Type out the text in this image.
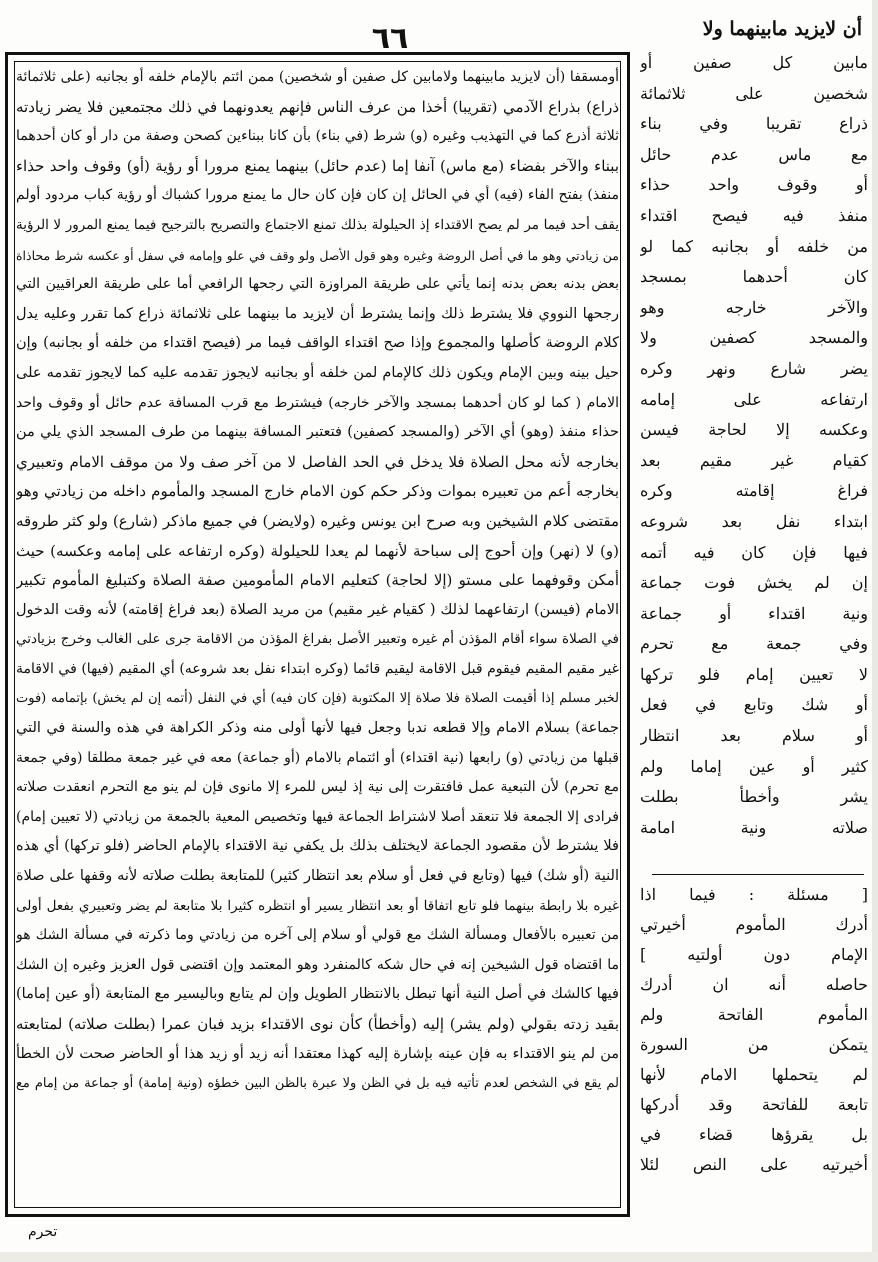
٦٦	أن لايزيد مابينهما ولا
أومسقفا (أن لايزيد مابينهما ولامابين كل صفين أو شخصين) ممن ائتم بالإمام خلفه أو بجانبه (على ثلاثمائة
ذراع) بذراع الآدمي (تقريبا) أخذا من عرف الناس فإنهم يعدونهما في ذلك مجتمعين فلا يضر زيادته
ثلاثة أذرع كما في التهذيب وغيره (و) شرط (في بناء) بأن كانا ببناءين كصحن وصفة من دار أو كان أحدهما
ببناء والآخر بفضاء (مع ماس) آنفا إما (عدم حائل) بينهما يمنع مرورا أو رؤية (أو) وقوف واحد حذاء
منفذ) بفتح الفاء (فيه) أي في الحائل إن كان فإن كان حال ما يمنع مرورا كشباك أو رؤية كباب مردود أولم
يقف أحد فيما مر لم يصح الاقتداء إذ الحيلولة بذلك تمنع الاجتماع والتصريح بالترجيح فيما يمنع المرور لا الرؤية
من زيادتي وهو ما في أصل الروضة وغيره وهو قول الأصل ولو وقف في علو وإمامه في سفل أو عكسه شرط محاذاة
بعض بدنه بعض بدنه إنما يأتي على طريقة المراوزة التي رجحها الرافعي أما على طريقة العراقيين التي
رجحها النووي فلا يشترط ذلك وإنما يشترط أن لايزيد ما بينهما على ثلاثمائة ذراع كما تقرر وعليه يدل
كلام الروضة كأصلها والمجموع وإذا صح اقتداء الواقف فيما مر (فيصح اقتداء من خلفه أو بجانبه) وإن
حيل بينه وبين الإمام ويكون ذلك كالإمام لمن خلفه أو بجانبه لايجوز تقدمه عليه كما لايجوز تقدمه على
الامام ( كما لو كان أحدهما بمسجد والآخر خارجه) فيشترط مع قرب المسافة عدم حائل أو وقوف واحد
حذاء منفذ (وهو) أي الآخر (والمسجد كصفين) فتعتبر المسافة بينهما من طرف المسجد الذي يلي من
بخارجه لأنه محل الصلاة فلا يدخل في الحد الفاصل لا من آخر صف ولا من موقف الامام وتعبيري
بخارجه أعم من تعبيره بموات وذكر حكم كون الامام خارج المسجد والمأموم داخله من زيادتي وهو
مقتضى كلام الشيخين وبه صرح ابن يونس وغيره (ولايضر) في جميع ماذكر (شارع) ولو كثر طروقه
(و) لا (نهر) وإن أحوج إلى سباحة لأنهما لم يعدا للحيلولة (وكره ارتفاعه على إمامه وعكسه) حيث
أمكن وقوفهما على مستو (إلا لحاجة) كتعليم الامام المأمومين صفة الصلاة وكتبليغ المأموم تكبير
الامام (فيسن) ارتفاعهما لذلك ( كقيام غير مقيم) من مريد الصلاة (بعد فراغ إقامته) لأنه وقت الدخول
في الصلاة سواء أقام المؤذن أم غيره وتعبير الأصل بفراغ المؤذن من الاقامة جرى على الغالب وخرج بزيادتي
غير مقيم المقيم فيقوم قبل الاقامة ليقيم قائما (وكره ابتداء نفل بعد شروعه) أي المقيم (فيها) في الاقامة
لخبر مسلم إذا أقيمت الصلاة فلا صلاة إلا المكتوبة (فإن كان فيه) أي في النفل (أتمه إن لم يخش) بإتمامه (فوت
جماعة) بسلام الامام وإلا قطعه ندبا وجعل فيها لأنها أولى منه وذكر الكراهة في هذه والسنة في التي
قبلها من زيادتي (و) رابعها (نية اقتداء) أو ائتمام بالامام (أو جماعة) معه في غير جمعة مطلقا (وفي جمعة
مع تحرم) لأن التبعية عمل فافتقرت إلى نية إذ ليس للمرء إلا مانوى فإن لم ينو مع التحرم انعقدت صلاته
فرادى إلا الجمعة فلا تنعقد أصلا لاشتراط الجماعة فيها وتخصيص المعية بالجمعة من زيادتي (لا تعيين إمام)
فلا يشترط لأن مقصود الجماعة لايختلف بذلك بل يكفي نية الاقتداء بالإمام الحاضر (فلو تركها) أي هذه
النية (أو شك) فيها (وتابع في فعل أو سلام بعد انتظار كثير) للمتابعة بطلت صلاته لأنه وقفها على صلاة
غيره بلا رابطة بينهما فلو تابع اتفاقا أو بعد انتظار يسير أو انتظره كثيرا بلا متابعة لم يضر وتعبيري بفعل أولى
من تعبيره بالأفعال ومسألة الشك مع قولي أو سلام إلى آخره من زيادتي وما ذكرته في مسألة الشك هو
ما اقتضاه قول الشيخين إنه في حال شكه كالمنفرد وهو المعتمد وإن اقتضى قول العزيز وغيره إن الشك
فيها كالشك في أصل النية أنها تبطل بالانتظار الطويل وإن لم يتابع وباليسير مع المتابعة (أو عين إماما)
بقيد زدته بقولي (ولم يشر) إليه (وأخطأ) كأن نوى الاقتداء بزيد فبان عمرا (بطلت صلاته) لمتابعته
من لم ينو الاقتداء به فإن عينه بإشارة إليه كهذا معتقدا أنه زيد أو زيد هذا أو الحاضر صحت لأن الخطأ
لم يقع في الشخص لعدم تأتيه فيه بل في الظن ولا عبرة بالظن البين خطؤه (ونية إمامة) أو جماعة من إمام مع
تحرم
مابين كل صفين أو
شخصين على ثلاثمائة
ذراع تقريبا وفي بناء
مع ماس عدم حائل
أو وقوف واحد حذاء
منفذ فيه فيصح اقتداء
من خلفه أو بجانبه كما لو
كان أحدهما بمسجد
والآخر خارجه وهو
والمسجد كصفين ولا
يضر شارع ونهر وكره
ارتفاعه على إمامه
وعكسه إلا لحاجة فيسن
كقيام غير مقيم بعد
فراغ إقامته وكره
ابتداء نفل بعد شروعه
فيها فإن كان فيه أتمه
إن لم يخش فوت جماعة
ونية اقتداء أو جماعة
وفي جمعة مع تحرم
لا تعيين إمام فلو تركها
أو شك وتابع في فعل
أو سلام بعد انتظار
كثير أو عين إماما ولم
يشر وأخطأ بطلت
صلاته ونية امامة
[ مسئلة : فيما اذا
أدرك المأموم أخيرتي
الإمام دون أولتيه ]
حاصله أنه ان أدرك
المأموم الفاتحة ولم
يتمكن من السورة
لم يتحملها الامام لأنها
تابعة للفاتحة وقد أدركها
بل يقرؤها قضاء في
أخيرتيه على النص لئلا
